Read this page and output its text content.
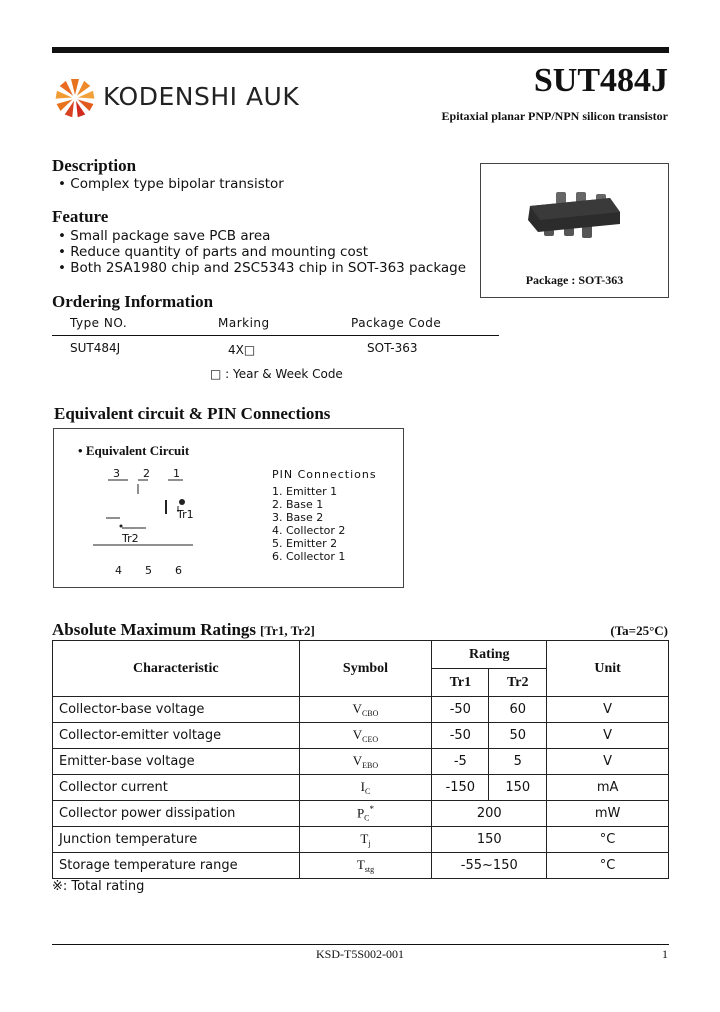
KODENSHI AUK	SUT484J
Epitaxial planar PNP/NPN silicon transistor
Description
• Complex type bipolar transistor
Feature
• Small package save PCB area
• Reduce quantity of parts and mounting cost
• Both 2SA1980 chip and 2SC5343 chip in SOT-363 package
Package : SOT-363
Ordering Information
Type NO.	Marking	Package Code
SUT484J	4X□	SOT-363
□ : Year & Week Code
Equivalent circuit & PIN Connections
• Equivalent Circuit
3 2 1
Tr1
Tr2
4 5 6
PIN Connections
1. Emitter 1
2. Base 1
3. Base 2
4. Collector 2
5. Emitter 2
6. Collector 1
Absolute Maximum Ratings [Tr1, Tr2]	(Ta=25°C)
Characteristic	Symbol	Rating		Unit
		Tr1	Tr2	
Collector-base voltage	$V_{CBO}$	-50	60	V
Collector-emitter voltage	$V_{CEO}$	-50	50	V
Emitter-base voltage	$V_{EBO}$	-5	5	V
Collector current	$I_C$	-150	150	mA
Collector power dissipation	$P_C^*$	200		mW
Junction temperature	$T_j$	150		°C
Storage temperature range	$T_{stg}$	-55~150		°C
※: Total rating
KSD-T5S002-001	1
